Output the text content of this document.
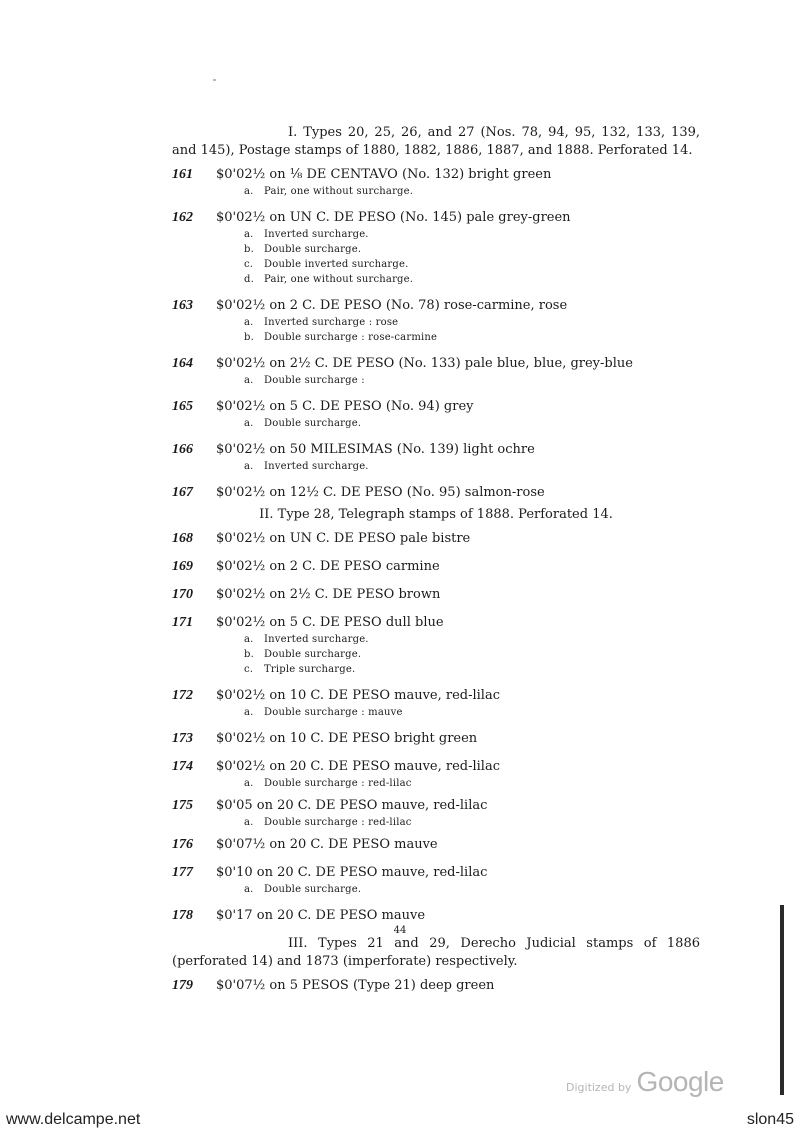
I. Types 20, 25, 26, and 27 (Nos. 78, 94, 95, 132, 133, 139, and 145), Postage stamps of 1880, 1882, 1886, 1887, and 1888. Perforated 14.

161	$0'02½ on ⅛ DE CENTAVO (No. 132) bright green
a. Pair, one without surcharge.
162	$0'02½ on UN C. DE PESO (No. 145) pale grey-green
a. Inverted surcharge.
b. Double surcharge.
c. Double inverted surcharge.
d. Pair, one without surcharge.
163	$0'02½ on 2 C. DE PESO (No. 78) rose-carmine, rose
a. Inverted surcharge : rose
b. Double surcharge : rose-carmine
164	$0'02½ on 2½ C. DE PESO (No. 133) pale blue, blue, grey-blue
a. Double surcharge :
165	$0'02½ on 5 C. DE PESO (No. 94) grey
a. Double surcharge.
166	$0'02½ on 50 MILESIMAS (No. 139) light ochre
a. Inverted surcharge.
167	$0'02½ on 12½ C. DE PESO (No. 95) salmon-rose

II. Type 28, Telegraph stamps of 1888. Perforated 14.

168	$0'02½ on UN C. DE PESO pale bistre
169	$0'02½ on 2 C. DE PESO carmine
170	$0'02½ on 2½ C. DE PESO brown
171	$0'02½ on 5 C. DE PESO dull blue
a. Inverted surcharge.
b. Double surcharge.
c. Triple surcharge.
172	$0'02½ on 10 C. DE PESO mauve, red-lilac
a. Double surcharge : mauve
173	$0'02½ on 10 C. DE PESO bright green
174	$0'02½ on 20 C. DE PESO mauve, red-lilac
a. Double surcharge : red-lilac
175	$0'05 on 20 C. DE PESO mauve, red-lilac
a. Double surcharge : red-lilac
176	$0'07½ on 20 C. DE PESO mauve
177	$0'10 on 20 C. DE PESO mauve, red-lilac
a. Double surcharge.
178	$0'17 on 20 C. DE PESO mauve

III. Types 21 and 29, Derecho Judicial stamps of 1886 (perforated 14) and 1873 (imperforate) respectively.

179	$0'07½ on 5 PESOS (Type 21) deep green
44
Digitized by Google
www.delcampe.net	slon45
